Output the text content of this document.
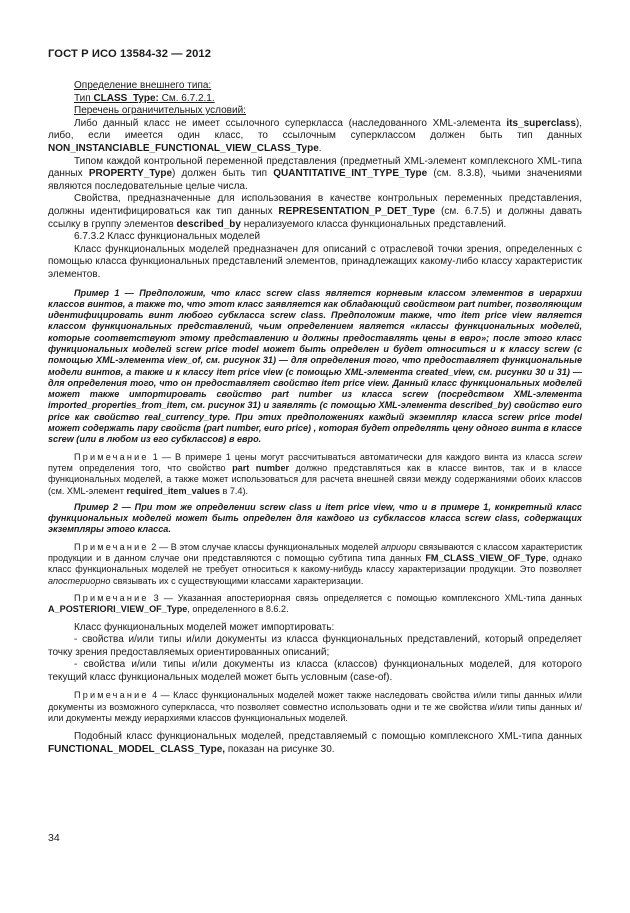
ГОСТ Р ИСО 13584-32 — 2012

Определение внешнего типа:

Тип CLASS_Type: См. 6.7.2.1.

Перечень ограничительных условий:

Либо данный класс не имеет ссылочного суперкласса (наследованного XML-элемента its_superclass), либо, если имеется один класс, то ссылочным суперклассом должен быть тип данных NON_INSTANCIABLE_FUNCTIONAL_VIEW_CLASS_Type.

Типом каждой контрольной переменной представления (предметный XML-элемент комплексного XML-типа данных PROPERTY_Type) должен быть тип QUANTITATIVE_INT_TYPE_Type (см. 8.3.8), чьими значениями являются последовательные целые числа.

Свойства, предназначенные для использования в качестве контрольных переменных представления, должны идентифицироваться как тип данных REPRESENTATION_P_DET_Type (см. 6.7.5) и должны давать ссылку в группу элементов described_by нерализуемого класса функциональных представлений.

6.7.3.2 Класс функциональных моделей

Класс функциональных моделей предназначен для описаний с отраслевой точки зрения, определенных с помощью класса функциональных представлений элементов, принадлежащих какому-либо классу характеристик элементов.

Пример 1 — Предположим, что класс screw class является корневым классом элементов в иерархии классов винтов, а также то, что этот класс заявляется как обладающий свойством part number, позволяющим идентифицировать винт любого субкласса screw class. Предположим также, что item price view является классом функциональных представлений, чьим определением является «классы функциональных моделей, которые соответствуют этому представлению и должны предоставлять цены в евро»; после этого класс функциональных моделей screw price model может быть определен и будет относиться и к классу screw (с помощью XML-элемента view_of, см. рисунок 31) — для определения того, что предоставляет функциональные модели винтов, а также и к классу item price view (с помощью XML-элемента created_view, см. рисунки 30 и 31) — для определения того, что он предоставляет свойство item price view. Данный класс функциональных моделей может также импортировать свойство part number из класса screw (посредством XML-элемента imported_properties_from_item, см. рисунок 31) и заявлять (с помощью XML-элемента described_by) свойство euro price как свойство real_currency_type. При этих предположениях каждый экземпляр класса screw price model может содержать пару свойств (part number, euro price) , которая будет определять цену одного винта в классе screw (или в любом из его субклассов) в евро.

Примечание 1 — В примере 1 цены могут рассчитываться автоматически для каждого винта из класса screw путем определения того, что свойство part number должно представляться как в классе винтов, так и в классе функциональных моделей, а также может использоваться для расчета внешней связи между содержаниями обоих классов (см. XML-элемент required_item_values в 7.4).

Пример 2 — При том же определении screw class и item price view, что и в примере 1, конкретный класс функциональных моделей может быть определен для каждого из субклассов класса screw class, содержащих экземпляры этого класса.

Примечание 2 — В этом случае классы функциональных моделей априори связываются с классом характеристик продукции и в данном случае они представляются с помощью субтипа типа данных FM_CLASS_VIEW_OF_Type, однако класс функциональных моделей не требует относиться к какому-нибудь классу характеризации продукции. Это позволяет апостериорно связывать их с существующими классами характеризации.

Примечание 3 — Указанная апостериорная связь определяется с помощью комплексного XML-типа данных A_POSTERIORI_VIEW_OF_Type, определенного в 8.6.2.

Класс функциональных моделей может импортировать:

- свойства и/или типы и/или документы из класса функциональных представлений, который определяет точку зрения предоставляемых ориентированных описаний;

- свойства и/или типы и/или документы из класса (классов) функциональных моделей, для которого текущий класс функциональных моделей может быть условным (case-of).

Примечание 4 — Класс функциональных моделей может также наследовать свойства и/или типы данных и/или документы из возможного суперкласса, что позволяет совместно использовать одни и те же свойства и/или типы данных и/или документы между иерархиями классов функциональных моделей.

Подобный класс функциональных моделей, представляемый с помощью комплексного XML-типа данных FUNCTIONAL_MODEL_CLASS_Type, показан на рисунке 30.

34
